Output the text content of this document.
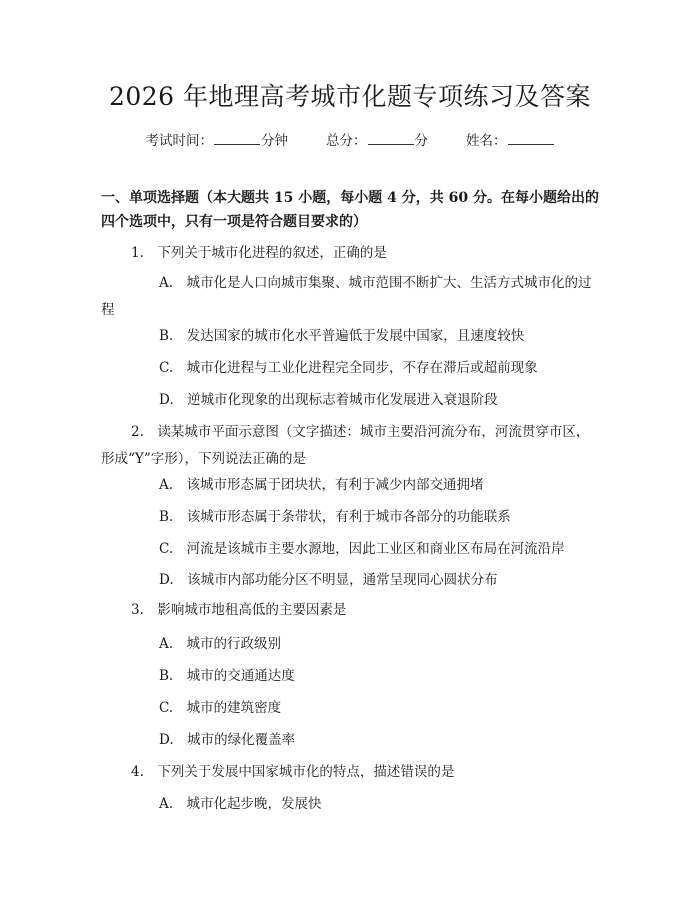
2026 年地理高考城市化题专项练习及答案
考试时间：	分钟	总分：	分	姓名：
一、单项选择题（本大题共 15 小题，每小题 4 分，共 60 分。在每小题给出的四个选项中，只有一项是符合题目要求的）
1.　下列关于城市化进程的叙述，正确的是
A.　城市化是人口向城市集聚、城市范围不断扩大、生活方式城市化的过程
B.　发达国家的城市化水平普遍低于发展中国家，且速度较快
C.　城市化进程与工业化进程完全同步，不存在滞后或超前现象
D.　逆城市化现象的出现标志着城市化发展进入衰退阶段
2.　读某城市平面示意图（文字描述：城市主要沿河流分布，河流贯穿市区，形成“Y”字形），下列说法正确的是
A.　该城市形态属于团块状，有利于减少内部交通拥堵
B.　该城市形态属于条带状，有利于城市各部分的功能联系
C.　河流是该城市主要水源地，因此工业区和商业区布局在河流沿岸
D.　该城市内部功能分区不明显，通常呈现同心圆状分布
3.　影响城市地租高低的主要因素是
A.　城市的行政级别
B.　城市的交通通达度
C.　城市的建筑密度
D.　城市的绿化覆盖率
4.　下列关于发展中国家城市化的特点，描述错误的是
A.　城市化起步晚，发展快
